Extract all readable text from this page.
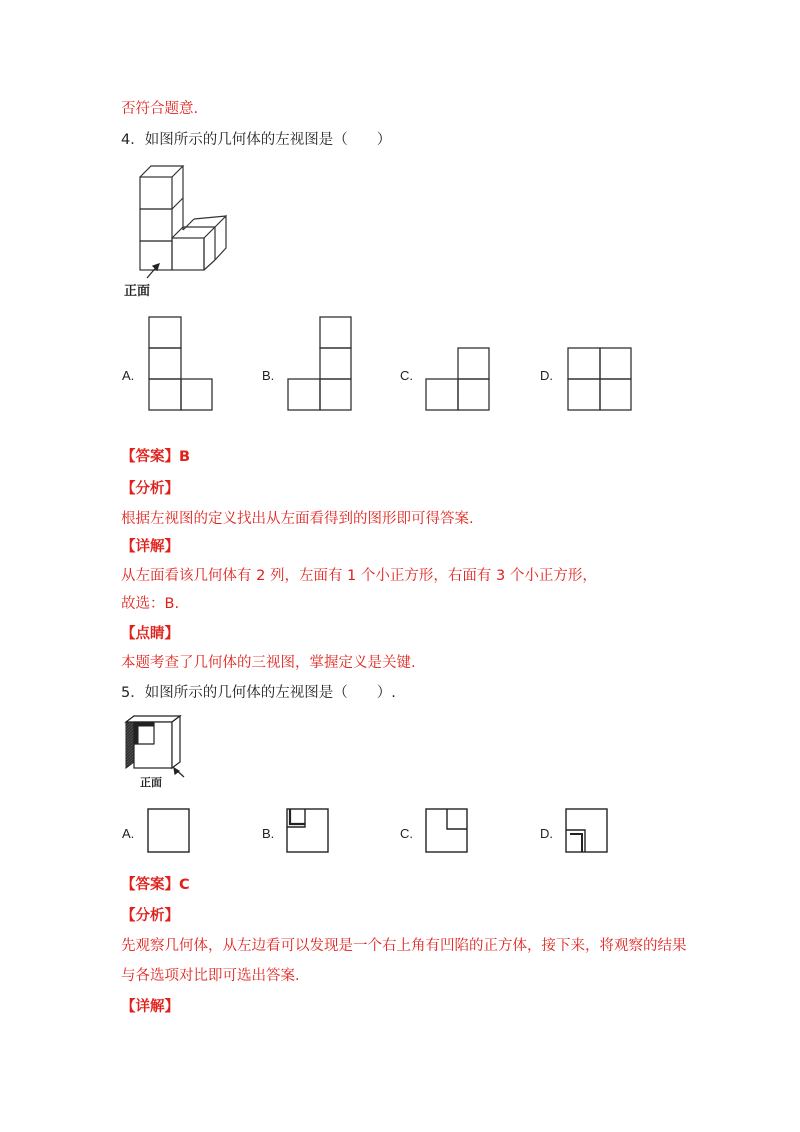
否符合题意.
4．如图所示的几何体的左视图是（　　）
正面
A.	B.	C.	D.
【答案】B
【分析】
根据左视图的定义找出从左面看得到的图形即可得答案.
【详解】
从左面看该几何体有 2 列，左面有 1 个小正方形，右面有 3 个小正方形，
故选：B.
【点睛】
本题考查了几何体的三视图，掌握定义是关键.
5．如图所示的几何体的左视图是（　　）.
正面
A.	B.	C.	D.
【答案】C
【分析】
先观察几何体，从左边看可以发现是一个右上角有凹陷的正方体，接下来，将观察的结果
与各选项对比即可选出答案.
【详解】
